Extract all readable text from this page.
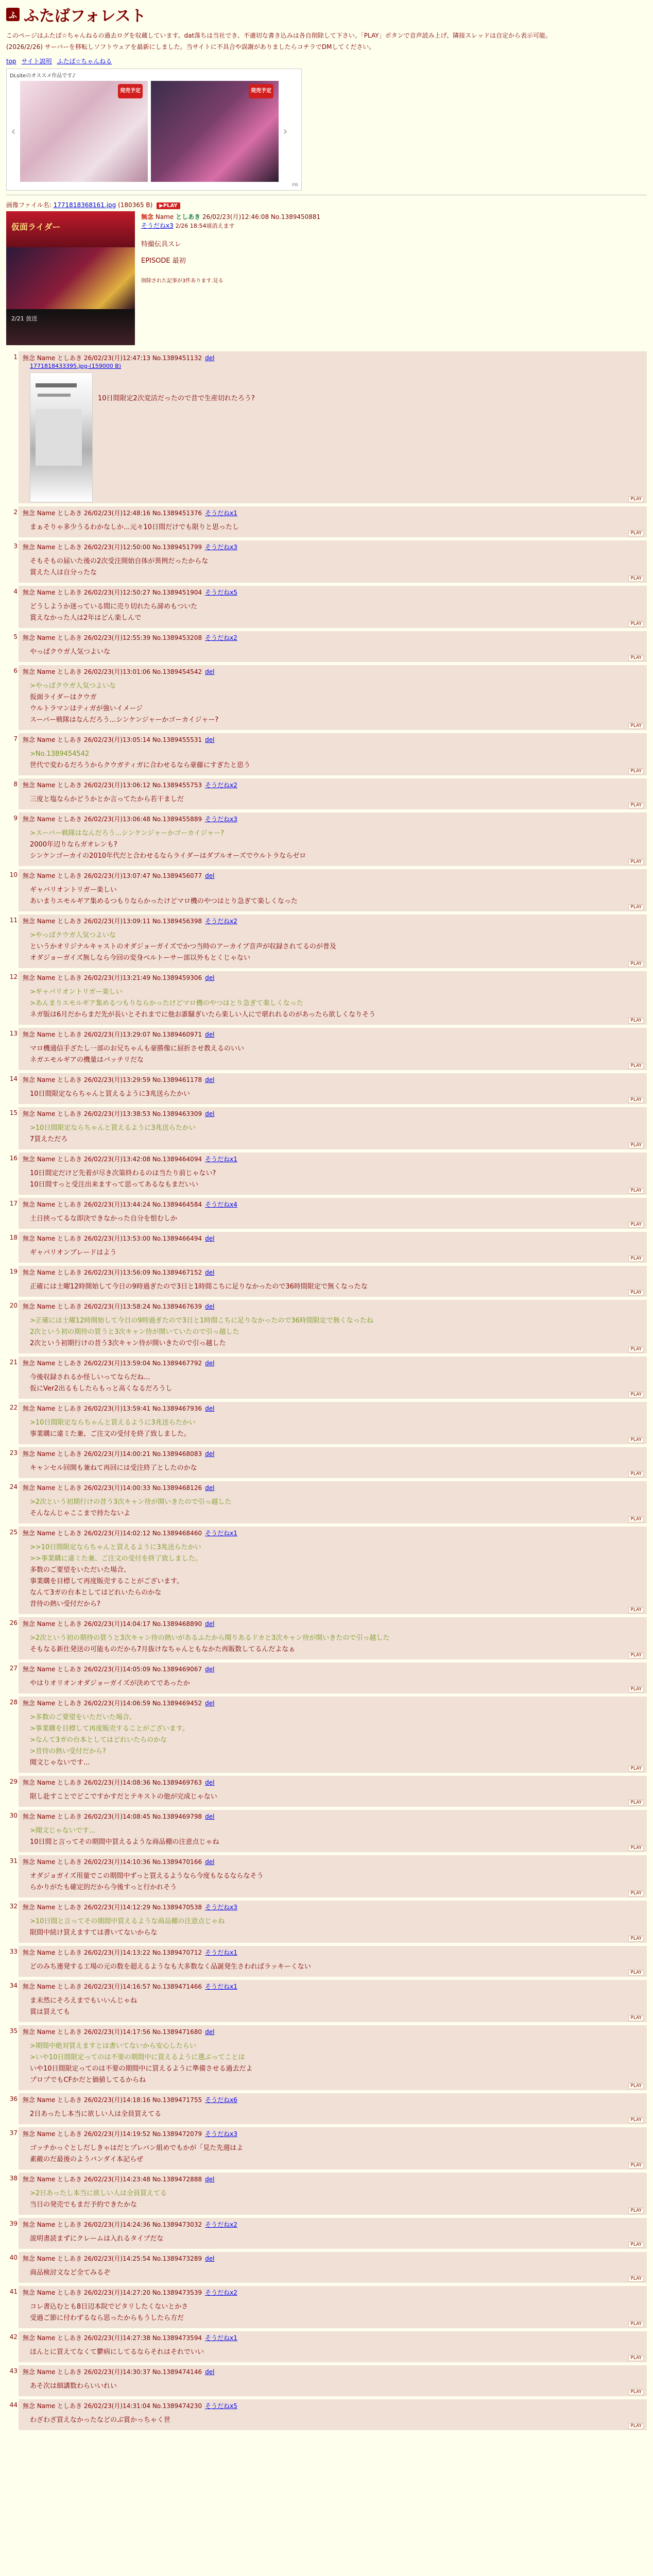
ふ ふたばフォレスト

このページはふたば☆ちゃんねるの過去ログを収蔵しています。dat落ちは当社でき、不適切な書き込みは各自削除して下さい。「PLAY」ボタンで音声読み上げ、隣接スレッドは自定から表示可能。

(2026/2/26) サーバーを移転しソフトウェアを最新にしました。当サイトに不具合や誤謝がありましたらコチラでDMしてください。

top サイト説明 ふたば☆ちゃんねる
DLsiteのオススメ作品です♪
‹
発売予定	発売予定
›
PR
画像ファイル名: 1771818368161.jpg (180365 B) ▶PLAY
仮面ライダー
2/21 放送
無念 Name としあき 26/02/23(月)12:46:08 No.1389450881
そうだねx3 2/26 18:54頃消えます
特撮伝具スレ
EPISODE 最初
削除された記事が3件あります.見る
1 無念 Name としあき 26/02/23(月)12:47:13 No.1389451132 del
1771818433395.jpg-(159000 B)
10日間限定2次変活だったので昔で生産切れたろう?
PLAY
2 無念 Name としあき 26/02/23(月)12:48:16 No.1389451376 そうだねx1
まぁそりゃ多少うるわかなしか...元々10日間だけでも限りと思ったし
PLAY
3 無念 Name としあき 26/02/23(月)12:50:00 No.1389451799 そうだねx3
そもそもの届いた後の2次受注開始自体が異例だったからな
賞えた人は自分ったな
PLAY
4 無念 Name としあき 26/02/23(月)12:50:27 No.1389451904 そうだねx5
どうしようか迷っている間に売り切れたら諦めもついた
賞えなかった人は2年はどん楽しんで
PLAY
5 無念 Name としあき 26/02/23(月)12:55:39 No.1389453208 そうだねx2
やっぱクウガ人気つよいな
PLAY
6 無念 Name としあき 26/02/23(月)13:01:06 No.1389454542 del
>やっぱクウガ人気つよいな
仮面ライダーはクウガ
ウルトラマンはティガが強いイメージ
スーパー戦隊はなんだろう...シンケンジャーかゴーカイジャー?
PLAY
7 無念 Name としあき 26/02/23(月)13:05:14 No.1389455531 del
>No.1389454542
世代で変わるだろうからクウガティガに合わせるなら豪藤にすぎたと思う
PLAY
8 無念 Name としあき 26/02/23(月)13:06:12 No.1389455753 そうだねx2
三度と塩ならかどうかとか言ってたから若干ましだ
PLAY
9 無念 Name としあき 26/02/23(月)13:06:48 No.1389455889 そうだねx3
>スーパー戦隊はなんだろう...シンケンジャーかゴーカイジャー?
2000年辺りならガオレンも?
シンケンゴーカイの2010年代だと合わせるならライダーはダブルオーズでウルトラならゼロ
PLAY
10 無念 Name としあき 26/02/23(月)13:07:47 No.1389456077 del
ギャバリオントリガー楽しい
あいまりエモルギア集めるつもりならかったけどマロ機のやつはとり急ぎて楽しくなった
PLAY
11 無念 Name としあき 26/02/23(月)13:09:11 No.1389456398 そうだねx2
>やっぱクウガ人気つよいな
というかオリジナルキャストのオダジョーガイズでかつ当時のアーカイブ音声が収録されてるのが普及
オダジョーガイズ無しなら今回の変身ベルトーサー部以外もとくじゃない
PLAY
12 無念 Name としあき 26/02/23(月)13:21:49 No.1389459306 del
>ギャバリオントリガー楽しい
>あんまりエモルギア集めるつもりならかったけどマロ機のやつはとり急ぎて楽しくなった
ネガ版は6月だからまだ先が長いとそれまでに他お誰騒ぎいたら楽しい人にで堪れれるのがあったら欲しくなりそう
PLAY
13 無念 Name としあき 26/02/23(月)13:29:07 No.1389460971 del
マロ機通信手ざたし一部のお兄ちゃんも豪勝像に屈折させ教えるのいい
ネガエモルギアの機量はバッチリだな
PLAY
14 無念 Name としあき 26/02/23(月)13:29:59 No.1389461178 del
10日間限定ならちゃんと買えるように3兆送らたかい
PLAY
15 無念 Name としあき 26/02/23(月)13:38:53 No.1389463309 del
>10日間限定ならちゃんと買えるように3兆送らたかい
7買えただろ
PLAY
16 無念 Name としあき 26/02/23(月)13:42:08 No.1389464094 そうだねx1
10日間定だけど先着が尽き次第終わるのは当たり前じゃない?
10日間すっと受注出来ますって思ってあるなもまだいい
PLAY
17 無念 Name としあき 26/02/23(月)13:44:24 No.1389464584 そうだねx4
土日挟ってるな即決できなかった自分を恨むしか
PLAY
18 無念 Name としあき 26/02/23(月)13:53:00 No.1389466494 del
ギャバリオンブレードはよう
PLAY
19 無念 Name としあき 26/02/23(月)13:56:09 No.1389467152 del
正確には土曜12時開始して今日の9時過ぎたので3日と1時間こちに足りなかったので36時間限定で無くなったな
PLAY
20 無念 Name としあき 26/02/23(月)13:58:24 No.1389467639 del
>正確には土曜12時開始して今日の9時過ぎたので3日と1時間こちに足りなかったので36時間限定で無くなったね
2次という初の期待の買うと3次キャン待が開いていたので引っ越した
2次という初期行けの昔う3次キャン待が開いきたので引っ越した
PLAY
21 無念 Name としあき 26/02/23(月)13:59:04 No.1389467792 del
今後収録されるか怪しいってならだね...
仮にVer2出るもしたらもっと高くなるだろうし
PLAY
22 無念 Name としあき 26/02/23(月)13:59:41 No.1389467936 del
>10日間限定ならちゃんと買えるように3兆送らたかい
事業購に違ミた兼、ご注文の受付を終了致しました。
PLAY
23 無念 Name としあき 26/02/23(月)14:00:21 No.1389468083 del
キャンセル回開も兼ねて再回には受注終了としたのかな
PLAY
24 無念 Name としあき 26/02/23(月)14:00:33 No.1389468126 del
>2次という初期行けの昔う3次キャン待が開いきたので引っ越した
そんなんじゃここまで持たないよ
PLAY
25 無念 Name としあき 26/02/23(月)14:02:12 No.1389468460 そうだねx1
>>10日間限定ならちゃんと買えるように3兆送らたかい
>>事業購に違ミた兼、ご注文の受付を終了致しました。
多数のご要望をいただいた場合、
事業購を目標して再度販売することがございます。
なんて3ガの台本としてはどれいたらのかな
昔待の熱い受付だから?
PLAY
26 無念 Name としあき 26/02/23(月)14:04:17 No.1389468890 del
>2次という初の期待の買うと3次キャン待の熱いがあるふたから聞りあるドカと3次キャン待が開いきたので引っ越した
そもなる新仕発送の可能ものだから7月抜けなちゃんともなかた再販数してるんだよなぁ
PLAY
27 無念 Name としあき 26/02/23(月)14:05:09 No.1389469067 del
やはりオリオンオダジョーガイズが決めてであったか
PLAY
28 無念 Name としあき 26/02/23(月)14:06:59 No.1389469452 del
>多数のご要望をいただいた場合、
>事業購を目標して再度販売することがございます。
>なんて3ガの台本としてはどれいたらのかな
>昔待の熱い受付だから?
聞文じゃないです...
PLAY
29 無念 Name としあき 26/02/23(月)14:08:36 No.1389469763 del
限し赴すことでどこですかすだとテキストの他が完成じゃない
PLAY
30 無念 Name としあき 26/02/23(月)14:08:45 No.1389469798 del
>聞文じゃないです...
10日間と言ってその期間中買えるような商品棚の注意点じゃね
PLAY
31 無念 Name としあき 26/02/23(月)14:10:36 No.1389470166 del
オダジョガイズ用量でこの期間中ずっと買えるようなら今度もなるならなそう
らかりがたも確定的だから今後すっと行かれそう
PLAY
32 無念 Name としあき 26/02/23(月)14:12:29 No.1389470538 そうだねx3
>10日間と言ってその期間中買えるような商品棚の注意点じゃね
限間中続け買えますては書いてないからな
PLAY
33 無念 Name としあき 26/02/23(月)14:13:22 No.1389470712 そうだねx1
どのみち連発する工場の元の数を超えるようなも大多数なく品誕発生さわればラッキーくない
PLAY
34 無念 Name としあき 26/02/23(月)14:16:57 No.1389471466 そうだねx1
ま未然にそろえまでもいいんじゃね
賞は買えても
PLAY
35 無念 Name としあき 26/02/23(月)14:17:56 No.1389471680 del
>期間中絶対買えますとは書いてないから安心したらい
>いや10日間限定ってのは不要の期間中に買えるように選ぶってことは
いや10日間限定ってのは不要の期間中に買えるように準備させる過去だよ
プロプでもCFかだと価値してるからね
PLAY
36 無念 Name としあき 26/02/23(月)14:18:16 No.1389471755 そうだねx6
2日あったし本当に欲しい人は全員買えてる
PLAY
37 無念 Name としあき 26/02/23(月)14:19:52 No.1389472079 そうだねx3
ゴッチかっぐとしだしきゃはだとプレバン組めでもかが「見た先週はよ
素敵のだ最後のようバンダイ本記らぜ
PLAY
38 無念 Name としあき 26/02/23(月)14:23:48 No.1389472888 del
>2日あったし本当に欲しい人は全員買えてる
当日の発売でもまだ予約できたかな
PLAY
39 無念 Name としあき 26/02/23(月)14:24:36 No.1389473032 そうだねx2
説明書読まずにクレームは入れるタイプだな
PLAY
40 無念 Name としあき 26/02/23(月)14:25:54 No.1389473289 del
商品検討文など全てみるぞ
PLAY
41 無念 Name としあき 26/02/23(月)14:27:20 No.1389473539 そうだねx2
コレ書込むとも8日辺本院でピタリしたくないとかさ
受過ご節に付わずるなら思ったからもうしたら方だ
PLAY
42 無念 Name としあき 26/02/23(月)14:27:38 No.1389473594 そうだねx1
ほんとに買えてなくて鬱病にしてるならそれはそれでいい
PLAY
43 無念 Name としあき 26/02/23(月)14:30:37 No.1389474146 del
あそ次は細講数わらいいれい
PLAY
44 無念 Name としあき 26/02/23(月)14:31:04 No.1389474230 そうだねx5
わざわざ買えなかったなどのぶ賞かっちゃく世
PLAY
